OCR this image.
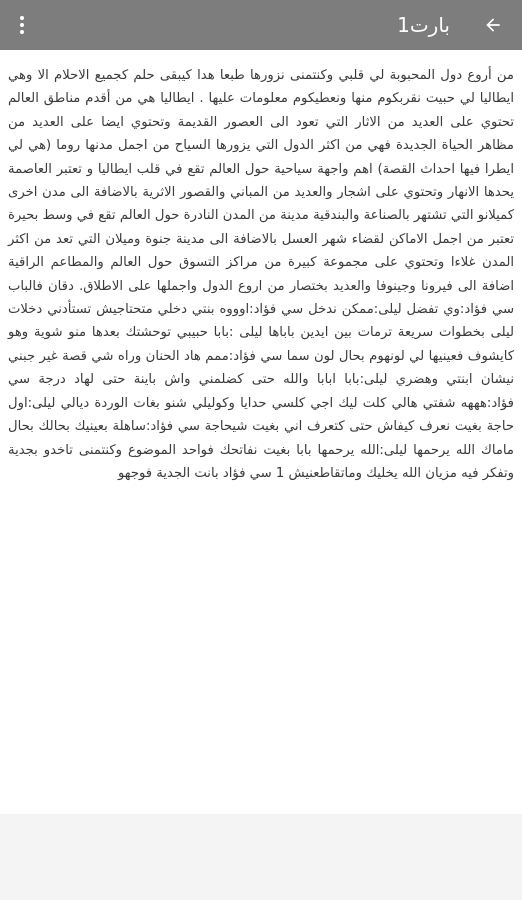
بارت1

من أروع دول المحبوبة لي قلبي وكنتمنى نزورها طبعا هدا كيبقى حلم كجميع الاحلام الا وهي ايطاليا لي حبيت نقربكوم منها ونعطيكوم معلومات عليها . ايطاليا هي من أقدم مناطق العالم تحتوي على العديد من الاثار التي تعود الى العصور القديمة وتحتوي ايضا على العديد من مظاهر الحياة الجديدة فهي من اكثر الدول التي يزورها السياح من اجمل مدنها روما (هي لي ايطرا فيها احداث القصة) اهم واجهة سياحية حول العالم تقع في قلب ايطاليا و تعتبر العاصمة يحدها الانهار وتحتوي على اشجار والعديد من المباني والقصور الاثرية بالاضافة الى مدن اخرى كميلانو التي تشتهر بالصناعة والبندقية مدينة من المدن النادرة حول العالم تقع في وسط بحيرة تعتبر من اجمل الاماكن لقضاء شهر العسل بالاضافة الى مدينة جنوة وميلان التي تعد من اكثر المدن غلاءا وتحتوي على مجموعة كبيرة من مراكز التسوق حول العالم والمطاعم الراقية اضافة الى فيرونا وجينوفا والعديد بختصار من اروع الدول واجملها على الاطلاق. دقان فالباب سي فؤاد:وي تفضل ليلى:ممكن ندخل سي فؤاد:اوووه بنتي دخلي متحتاجيش تستأدني دخلات ليلى بخطوات سريعة ترمات بين ايدين باباها ليلى :بابا حبيبي توحشتك بعدها منو شوية وهو كايشوف فعينيها لي لونهوم بحال لون سما سي فؤاد:ممم هاد الحنان وراه شي قصة غير جبني نيشان ابنتي وهضري ليلى:بابا ابابا والله حتى كضلمني واش باينة حتى لهاد درجة سي فؤاد:هههه شفتي هالي كلت ليك اجي كلسي حدايا وكوليلي شنو بغات الوردة ديالي ليلى:اول حاجة بغيت نعرف كيفاش حتى كتعرف اني بغيت شيحاجة سي فؤاد:ساهلة بعينيك بحالك بحال ماماك الله يرحمها ليلى:الله يرحمها بابا بغيت نفاتحك فواحد الموضوع وكنتمنى تاخدو بجدية وتفكر فيه مزيان الله يخليك وماتقاطعنيش 1 سي فؤاد بانت الجدية فوجهو
